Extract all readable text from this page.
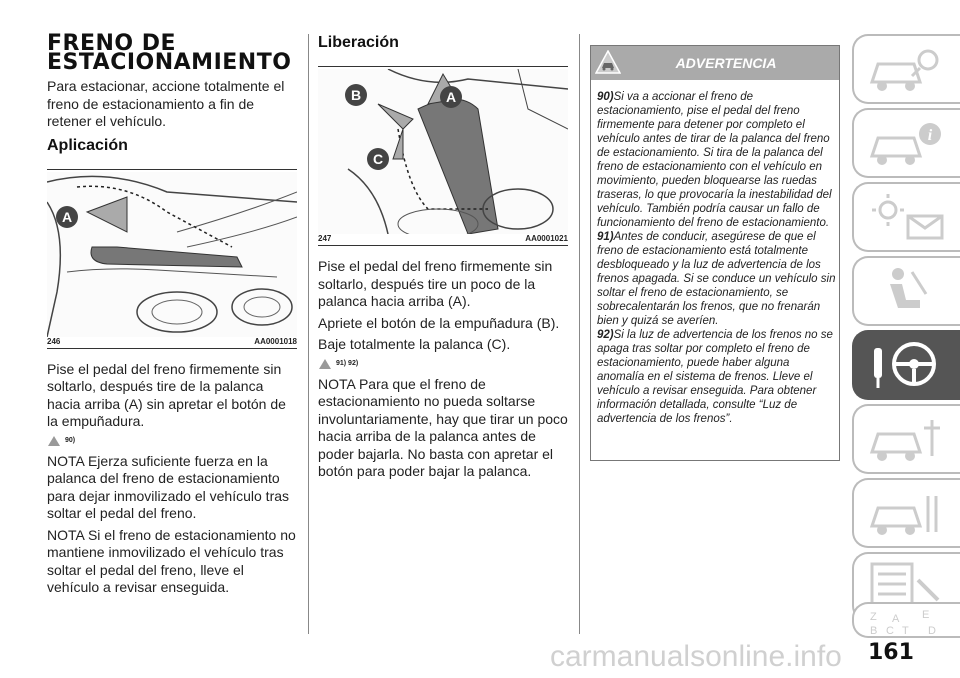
FRENO DE
ESTACIONAMIENTO

Para estacionar, accione totalmente el freno de estacionamiento a fin de retener el vehículo.

Aplicación
A
246	AA0001018

Pise el pedal del freno firmemente sin soltarlo, después tire de la palanca hacia arriba (A) sin apretar el botón de la empuñadura.

90)

NOTA Ejerza suficiente fuerza en la palanca del freno de estacionamiento para dejar inmovilizado el vehículo tras soltar el pedal del freno.

NOTA Si el freno de estacionamiento no mantiene inmovilizado el vehículo tras soltar el pedal del freno, lleve el vehículo a revisar enseguida.

Liberación
B	A
C
247	AA0001021

Pise el pedal del freno firmemente sin soltarlo, después tire un poco de la palanca hacia arriba (A).

Apriete el botón de la empuñadura (B).

Baje totalmente la palanca (C).

91) 92)

NOTA Para que el freno de estacionamiento no pueda soltarse involuntariamente, hay que tirar un poco hacia arriba de la palanca antes de poder bajarla. No basta con apretar el botón para poder bajar la palanca.

ADVERTENCIA
90)Si va a accionar el freno de estacionamiento, pise el pedal del freno firmemente para detener por completo el vehículo antes de tirar de la palanca del freno de estacionamiento. Si tira de la palanca del freno de estacionamiento con el vehículo en movimiento, pueden bloquearse las ruedas traseras, lo que provocaría la inestabilidad del vehículo. También podría causar un fallo de funcionamiento del freno de estacionamiento.
91)Antes de conducir, asegúrese de que el freno de estacionamiento está totalmente desbloqueado y la luz de advertencia de los frenos apagada. Si se conduce un vehículo sin soltar el freno de estacionamiento, se sobrecalentarán los frenos, que no frenarán bien y quizá se averíen.
92)Si la luz de advertencia de los frenos no se apaga tras soltar por completo el freno de estacionamiento, puede haber alguna anomalía en el sistema de frenos. Lleve el vehículo a revisar enseguida. Para obtener información detallada, consulte “Luz de advertencia de los frenos”.
i
Z	E
A
B C T D
carmanualsonline.info 161
